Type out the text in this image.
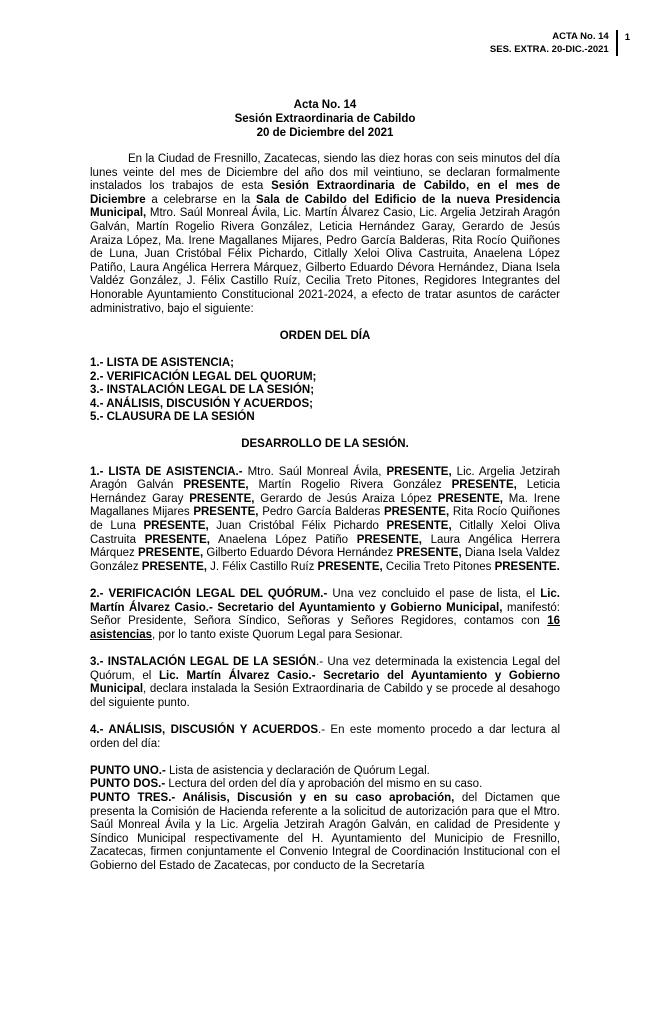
ACTA No. 14
SES. EXTRA. 20-DIC.-2021
1
Acta No. 14
Sesión Extraordinaria de Cabildo
20 de Diciembre del 2021

En la Ciudad de Fresnillo, Zacatecas, siendo las diez horas con seis minutos del día lunes veinte del mes de Diciembre del año dos mil veintiuno, se declaran formalmente instalados los trabajos de esta Sesión Extraordinaria de Cabildo, en el mes de Diciembre a celebrarse en la Sala de Cabildo del Edificio de la nueva Presidencia Municipal, Mtro. Saúl Monreal Ávila, Lic. Martín Álvarez Casio, Lic. Argelia Jetzirah Aragón Galván, Martín Rogelio Rivera González, Leticia Hernández Garay, Gerardo de Jesús Araiza López, Ma. Irene Magallanes Mijares, Pedro García Balderas, Rita Rocío Quiñones de Luna, Juan Cristóbal Félix Pichardo, Citlally Xeloi Oliva Castruita, Anaelena López Patiño, Laura Angélica Herrera Márquez, Gilberto Eduardo Dévora Hernández, Diana Isela Valdéz González, J. Félix Castillo Ruíz, Cecilia Treto Pitones, Regidores Integrantes del Honorable Ayuntamiento Constitucional 2021-2024, a efecto de tratar asuntos de carácter administrativo, bajo el siguiente:

ORDEN DEL DÍA
1.- LISTA DE ASISTENCIA;
2.- VERIFICACIÓN LEGAL DEL QUORUM;
3.- INSTALACIÓN LEGAL DE LA SESIÓN;
4.- ANÁLISIS, DISCUSIÓN Y ACUERDOS;
5.- CLAUSURA DE LA SESIÓN
DESARROLLO DE LA SESIÓN.

1.- LISTA DE ASISTENCIA.- Mtro. Saúl Monreal Ávila, PRESENTE, Lic. Argelia Jetzirah Aragón Galván PRESENTE, Martín Rogelio Rivera González PRESENTE, Leticia Hernández Garay PRESENTE, Gerardo de Jesús Araiza López PRESENTE, Ma. Irene Magallanes Mijares PRESENTE, Pedro García Balderas PRESENTE, Rita Rocío Quiñones de Luna PRESENTE, Juan Cristóbal Félix Pichardo PRESENTE, Citlally Xeloi Oliva Castruita PRESENTE, Anaelena López Patiño PRESENTE, Laura Angélica Herrera Márquez PRESENTE, Gilberto Eduardo Dévora Hernández PRESENTE, Diana Isela Valdez González PRESENTE, J. Félix Castillo Ruíz PRESENTE, Cecilia Treto Pitones PRESENTE.

2.- VERIFICACIÓN LEGAL DEL QUÓRUM.- Una vez concluido el pase de lista, el Lic. Martín Álvarez Casio.- Secretario del Ayuntamiento y Gobierno Municipal, manifestó: Señor Presidente, Señora Síndico, Señoras y Señores Regidores, contamos con 16 asistencias, por lo tanto existe Quorum Legal para Sesionar.

3.- INSTALACIÓN LEGAL DE LA SESIÓN.- Una vez determinada la existencia Legal del Quórum, el Lic. Martín Álvarez Casio.- Secretario del Ayuntamiento y Gobierno Municipal, declara instalada la Sesión Extraordinaria de Cabildo y se procede al desahogo del siguiente punto.

4.- ANÁLISIS, DISCUSIÓN Y ACUERDOS.- En este momento procedo a dar lectura al orden del día:

PUNTO UNO.- Lista de asistencia y declaración de Quórum Legal.

PUNTO DOS.- Lectura del orden del día y aprobación del mismo en su caso.

PUNTO TRES.- Análisis, Discusión y en su caso aprobación, del Dictamen que presenta la Comisión de Hacienda referente a la solicitud de autorización para que el Mtro. Saúl Monreal Ávila y la Lic. Argelia Jetzirah Aragón Galván, en calidad de Presidente y Síndico Municipal respectivamente del H. Ayuntamiento del Municipio de Fresnillo, Zacatecas, firmen conjuntamente el Convenio Integral de Coordinación Institucional con el Gobierno del Estado de Zacatecas, por conducto de la Secretaría
